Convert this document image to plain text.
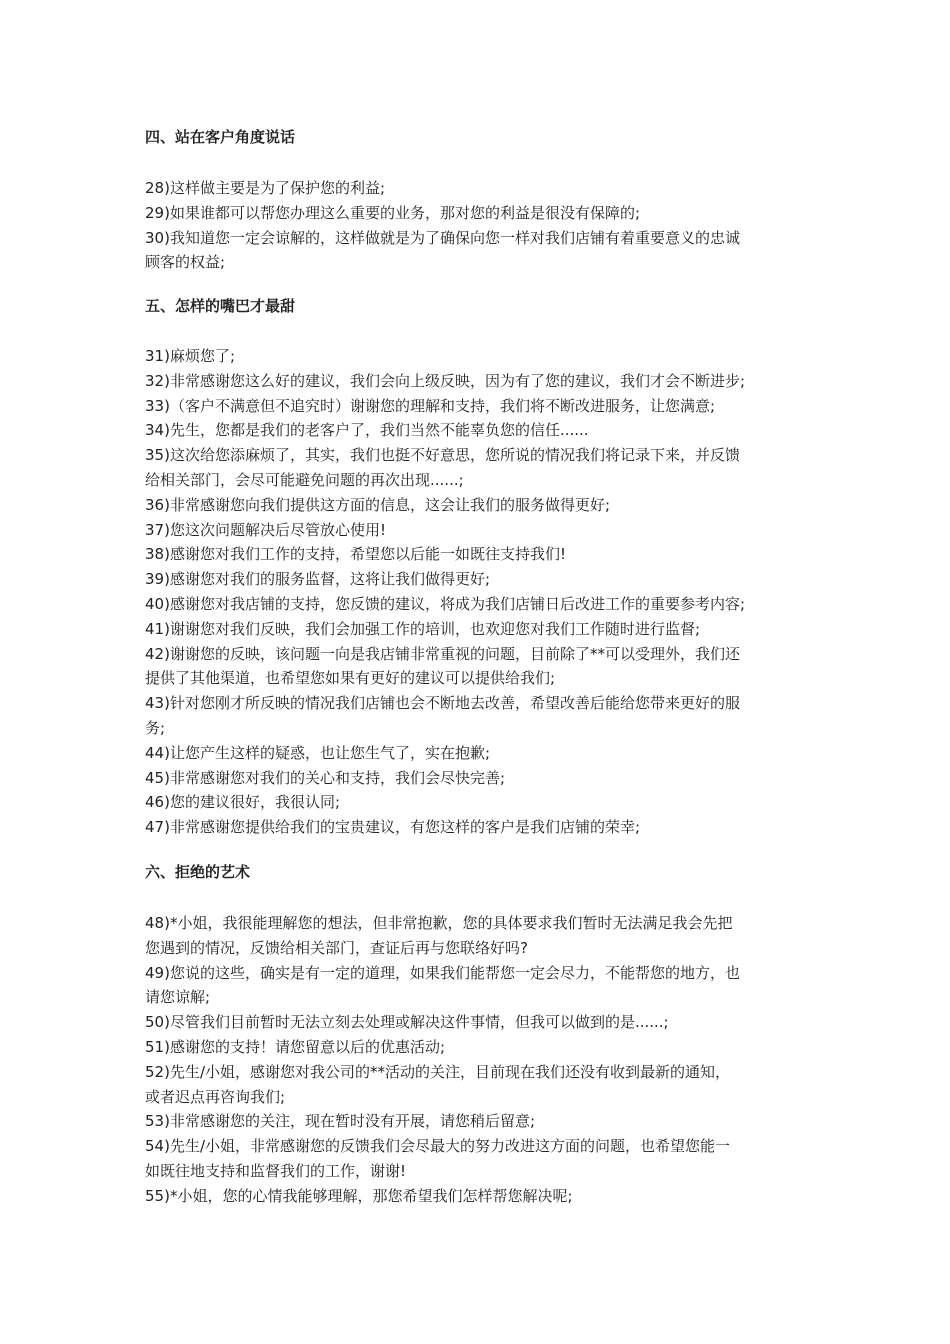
四、站在客户角度说话
28)这样做主要是为了保护您的利益;
29)如果谁都可以帮您办理这么重要的业务，那对您的利益是很没有保障的;
30)我知道您一定会谅解的，这样做就是为了确保向您一样对我们店铺有着重要意义的忠诚
顾客的权益;
五、怎样的嘴巴才最甜
31)麻烦您了;
32)非常感谢您这么好的建议，我们会向上级反映，因为有了您的建议，我们才会不断进步;
33)（客户不满意但不追究时）谢谢您的理解和支持，我们将不断改进服务，让您满意;
34)先生，您都是我们的老客户了，我们当然不能辜负您的信任......
35)这次给您添麻烦了，其实，我们也挺不好意思，您所说的情况我们将记录下来，并反馈
给相关部门，会尽可能避免问题的再次出现......;
36)非常感谢您向我们提供这方面的信息，这会让我们的服务做得更好;
37)您这次问题解决后尽管放心使用!
38)感谢您对我们工作的支持，希望您以后能一如既往支持我们!
39)感谢您对我们的服务监督，这将让我们做得更好;
40)感谢您对我店铺的支持，您反馈的建议，将成为我们店铺日后改进工作的重要参考内容;
41)谢谢您对我们反映，我们会加强工作的培训，也欢迎您对我们工作随时进行监督;
42)谢谢您的反映，该问题一向是我店铺非常重视的问题，目前除了**可以受理外，我们还
提供了其他渠道，也希望您如果有更好的建议可以提供给我们;
43)针对您刚才所反映的情况我们店铺也会不断地去改善，希望改善后能给您带来更好的服
务;
44)让您产生这样的疑惑，也让您生气了，实在抱歉;
45)非常感谢您对我们的关心和支持，我们会尽快完善;
46)您的建议很好，我很认同;
47)非常感谢您提供给我们的宝贵建议，有您这样的客户是我们店铺的荣幸;
六、拒绝的艺术
48)*小姐，我很能理解您的想法，但非常抱歉，您的具体要求我们暂时无法满足我会先把
您遇到的情况，反馈给相关部门，查证后再与您联络好吗?
49)您说的这些，确实是有一定的道理，如果我们能帮您一定会尽力，不能帮您的地方，也
请您谅解;
50)尽管我们目前暂时无法立刻去处理或解决这件事情，但我可以做到的是......;
51)感谢您的支持！请您留意以后的优惠活动;
52)先生/小姐，感谢您对我公司的**活动的关注，目前现在我们还没有收到最新的通知，
或者迟点再咨询我们;
53)非常感谢您的关注，现在暂时没有开展，请您稍后留意;
54)先生/小姐，非常感谢您的反馈我们会尽最大的努力改进这方面的问题，也希望您能一
如既往地支持和监督我们的工作，谢谢!
55)*小姐，您的心情我能够理解，那您希望我们怎样帮您解决呢;
